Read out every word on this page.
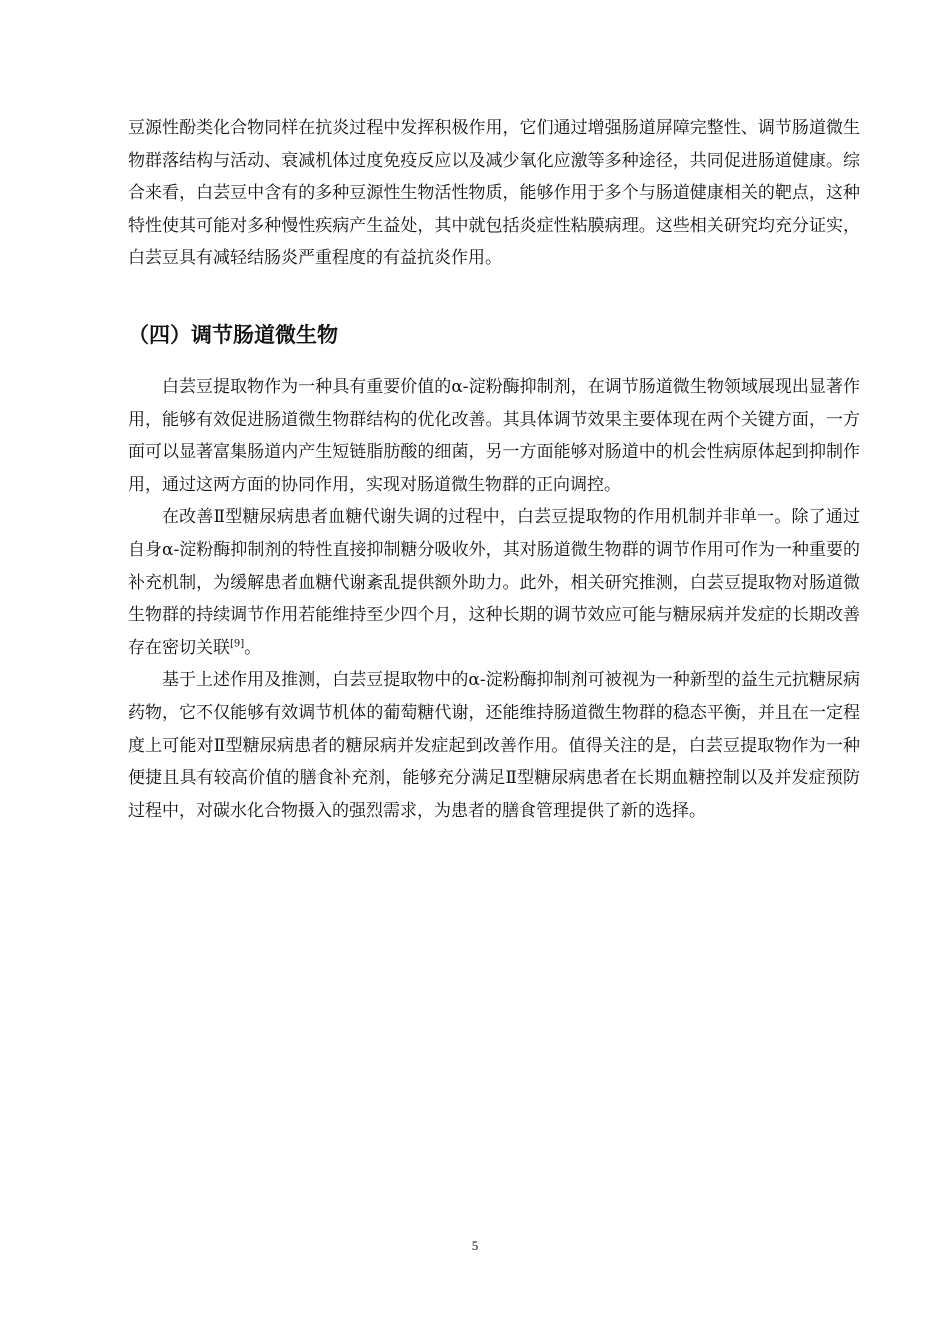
豆源性酚类化合物同样在抗炎过程中发挥积极作用，它们通过增强肠道屏障完整性、调节肠道微生物群落结构与活动、衰减机体过度免疫反应以及减少氧化应激等多种途径，共同促进肠道健康。综合来看，白芸豆中含有的多种豆源性生物活性物质，能够作用于多个与肠道健康相关的靶点，这种特性使其可能对多种慢性疾病产生益处，其中就包括炎症性粘膜病理。这些相关研究均充分证实，白芸豆具有减轻结肠炎严重程度的有益抗炎作用。

（四）调节肠道微生物

白芸豆提取物作为一种具有重要价值的α-淀粉酶抑制剂，在调节肠道微生物领域展现出显著作用，能够有效促进肠道微生物群结构的优化改善。其具体调节效果主要体现在两个关键方面，一方面可以显著富集肠道内产生短链脂肪酸的细菌，另一方面能够对肠道中的机会性病原体起到抑制作用，通过这两方面的协同作用，实现对肠道微生物群的正向调控。

在改善Ⅱ型糖尿病患者血糖代谢失调的过程中，白芸豆提取物的作用机制并非单一。除了通过自身α-淀粉酶抑制剂的特性直接抑制糖分吸收外，其对肠道微生物群的调节作用可作为一种重要的补充机制，为缓解患者血糖代谢紊乱提供额外助力。此外，相关研究推测，白芸豆提取物对肠道微生物群的持续调节作用若能维持至少四个月，这种长期的调节效应可能与糖尿病并发症的长期改善存在密切关联[9]。

基于上述作用及推测，白芸豆提取物中的α-淀粉酶抑制剂可被视为一种新型的益生元抗糖尿病药物，它不仅能够有效调节机体的葡萄糖代谢，还能维持肠道微生物群的稳态平衡，并且在一定程度上可能对Ⅱ型糖尿病患者的糖尿病并发症起到改善作用。值得关注的是，白芸豆提取物作为一种便捷且具有较高价值的膳食补充剂，能够充分满足Ⅱ型糖尿病患者在长期血糖控制以及并发症预防过程中，对碳水化合物摄入的强烈需求，为患者的膳食管理提供了新的选择。

5
